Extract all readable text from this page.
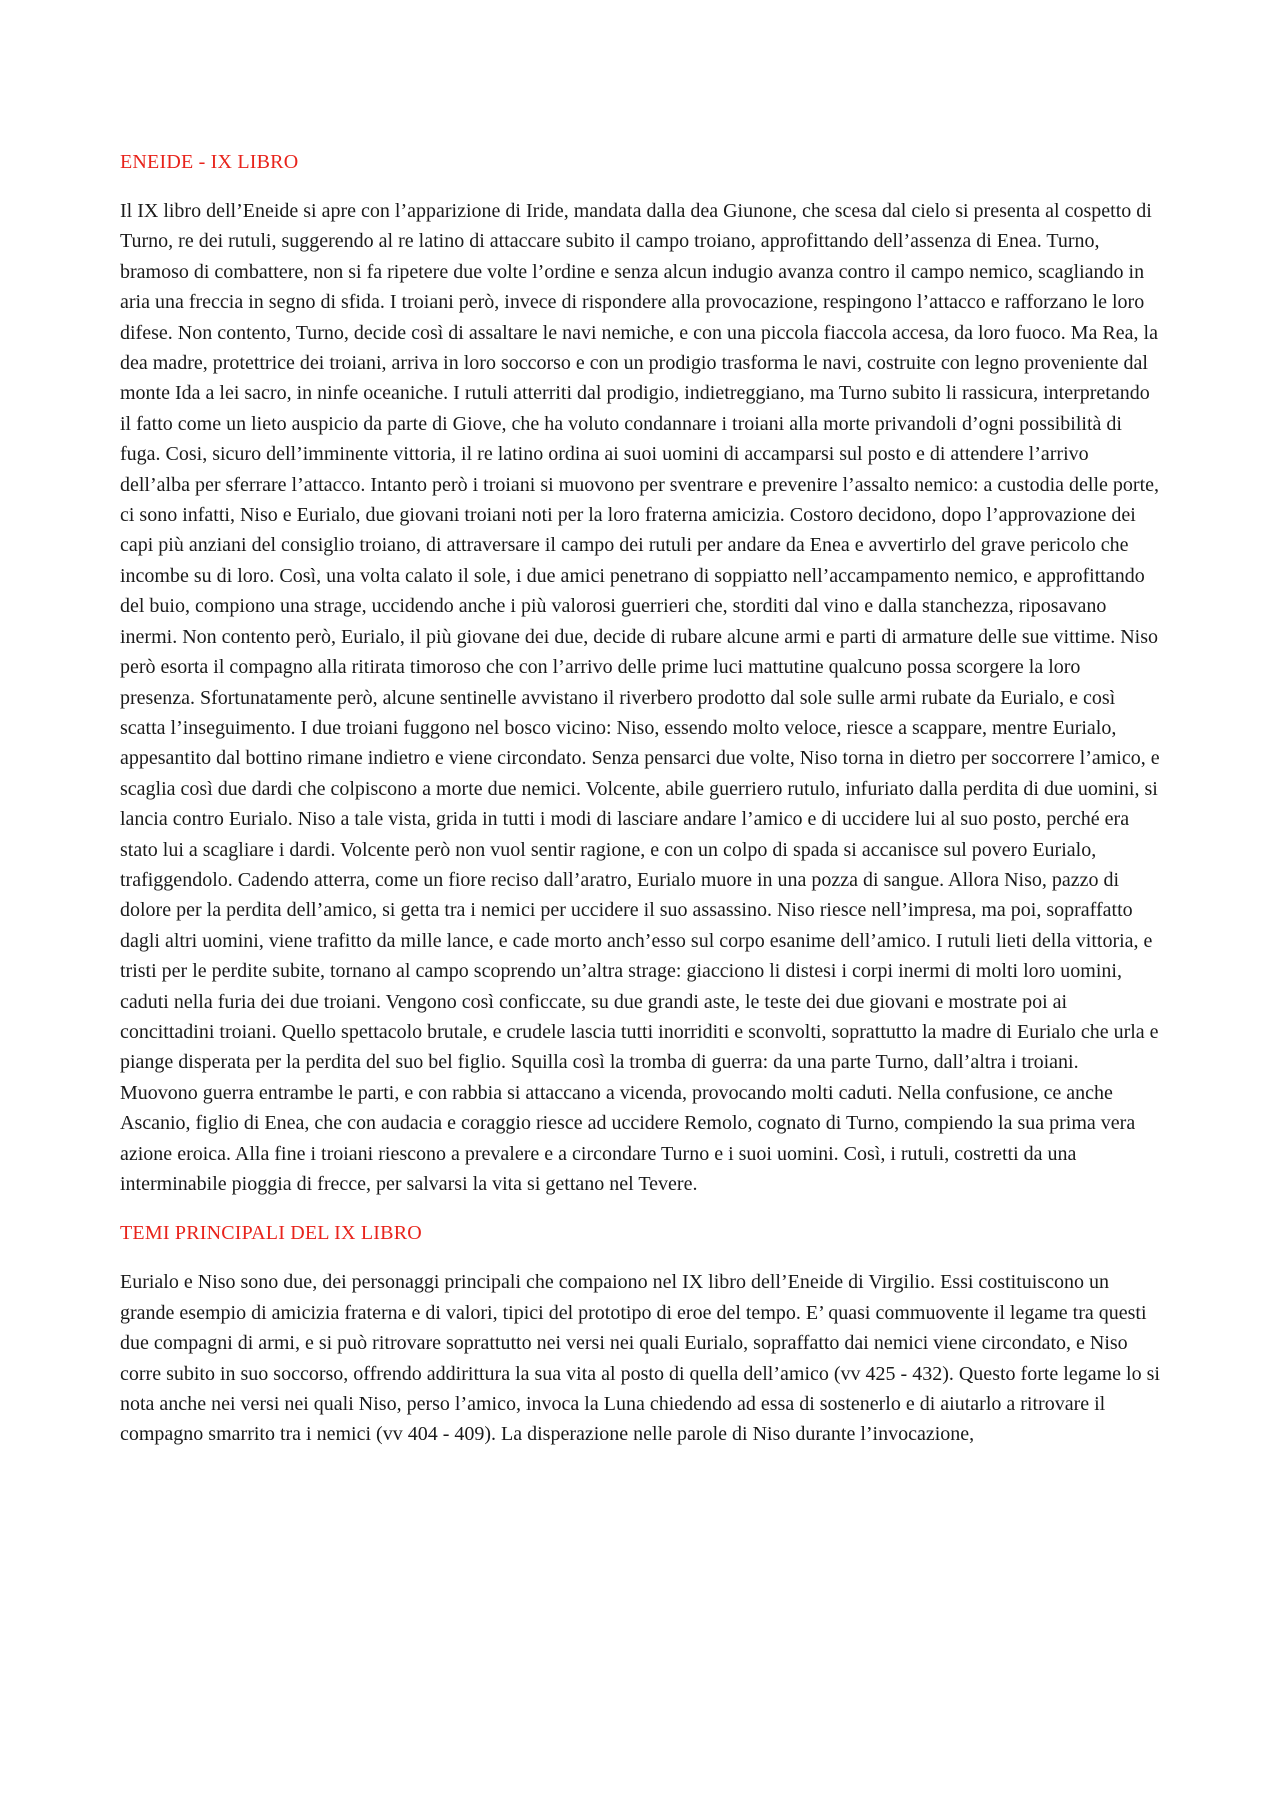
ENEIDE - IX LIBRO

Il IX libro dell’Eneide si apre con l’apparizione di Iride, mandata dalla dea Giunone, che scesa dal cielo si presenta al cospetto di Turno, re dei rutuli, suggerendo al re latino di attaccare subito il campo troiano, approfittando dell’assenza di Enea. Turno, bramoso di combattere, non si fa ripetere due volte l’ordine e senza alcun indugio avanza contro il campo nemico, scagliando in aria una freccia in segno di sfida. I troiani però, invece di rispondere alla provocazione, respingono l’attacco e rafforzano le loro difese. Non contento, Turno, decide così di assaltare le navi nemiche, e con una piccola fiaccola accesa, da loro fuoco. Ma Rea, la dea madre, protettrice dei troiani, arriva in loro soccorso e con un prodigio trasforma le navi, costruite con legno proveniente dal monte Ida a lei sacro, in ninfe oceaniche. I rutuli atterriti dal prodigio, indietreggiano, ma Turno subito li rassicura, interpretando il fatto come un lieto auspicio da parte di Giove, che ha voluto condannare i troiani alla morte privandoli d’ogni possibilità di fuga. Cosi, sicuro dell’imminente vittoria, il re latino ordina ai suoi uomini di accamparsi sul posto e di attendere l’arrivo dell’alba per sferrare l’attacco. Intanto però i troiani si muovono per sventrare e prevenire l’assalto nemico: a custodia delle porte, ci sono infatti, Niso e Eurialo, due giovani troiani noti per la loro fraterna amicizia. Costoro decidono, dopo l’approvazione dei capi più anziani del consiglio troiano, di attraversare il campo dei rutuli per andare da Enea e avvertirlo del grave pericolo che incombe su di loro. Così, una volta calato il sole, i due amici penetrano di soppiatto nell’accampamento nemico, e approfittando del buio, compiono una strage, uccidendo anche i più valorosi guerrieri che, storditi dal vino e dalla stanchezza, riposavano inermi. Non contento però, Eurialo, il più giovane dei due, decide di rubare alcune armi e parti di armature delle sue vittime. Niso però esorta il compagno alla ritirata timoroso che con l’arrivo delle prime luci mattutine qualcuno possa scorgere la loro presenza. Sfortunatamente però, alcune sentinelle avvistano il riverbero prodotto dal sole sulle armi rubate da Eurialo, e così scatta l’inseguimento. I due troiani fuggono nel bosco vicino: Niso, essendo molto veloce, riesce a scappare, mentre Eurialo, appesantito dal bottino rimane indietro e viene circondato. Senza pensarci due volte, Niso torna in dietro per soccorrere l’amico, e scaglia così due dardi che colpiscono a morte due nemici. Volcente, abile guerriero rutulo, infuriato dalla perdita di due uomini, si lancia contro Eurialo. Niso a tale vista, grida in tutti i modi di lasciare andare l’amico e di uccidere lui al suo posto, perché era stato lui a scagliare i dardi. Volcente però non vuol sentir ragione, e con un colpo di spada si accanisce sul povero Eurialo, trafiggendolo. Cadendo atterra, come un fiore reciso dall’aratro, Eurialo muore in una pozza di sangue. Allora Niso, pazzo di dolore per la perdita dell’amico, si getta tra i nemici per uccidere il suo assassino. Niso riesce nell’impresa, ma poi, sopraffatto dagli altri uomini, viene trafitto da mille lance, e cade morto anch’esso sul corpo esanime dell’amico. I rutuli lieti della vittoria, e tristi per le perdite subite, tornano al campo scoprendo un’altra strage: giacciono li distesi i corpi inermi di molti loro uomini, caduti nella furia dei due troiani. Vengono così conficcate, su due grandi aste, le teste dei due giovani e mostrate poi ai concittadini troiani. Quello spettacolo brutale, e crudele lascia tutti inorriditi e sconvolti, soprattutto la madre di Eurialo che urla e piange disperata per la perdita del suo bel figlio. Squilla così la tromba di guerra: da una parte Turno, dall’altra i troiani. Muovono guerra entrambe le parti, e con rabbia si attaccano a vicenda, provocando molti caduti. Nella confusione, ce anche Ascanio, figlio di Enea, che con audacia e coraggio riesce ad uccidere Remolo, cognato di Turno, compiendo la sua prima vera azione eroica. Alla fine i troiani riescono a prevalere e a circondare Turno e i suoi uomini. Così, i rutuli, costretti da una interminabile pioggia di frecce, per salvarsi la vita si gettano nel Tevere.

TEMI PRINCIPALI DEL IX LIBRO

Eurialo e Niso sono due, dei personaggi principali che compaiono nel IX libro dell’Eneide di Virgilio. Essi costituiscono un grande esempio di amicizia fraterna e di valori, tipici del prototipo di eroe del tempo. E’ quasi commuovente il legame tra questi due compagni di armi, e si può ritrovare soprattutto nei versi nei quali Eurialo, sopraffatto dai nemici viene circondato, e Niso corre subito in suo soccorso, offrendo addirittura la sua vita al posto di quella dell’amico (vv 425 - 432). Questo forte legame lo si nota anche nei versi nei quali Niso, perso l’amico, invoca la Luna chiedendo ad essa di sostenerlo e di aiutarlo a ritrovare il compagno smarrito tra i nemici (vv 404 - 409). La disperazione nelle parole di Niso durante l’invocazione,
